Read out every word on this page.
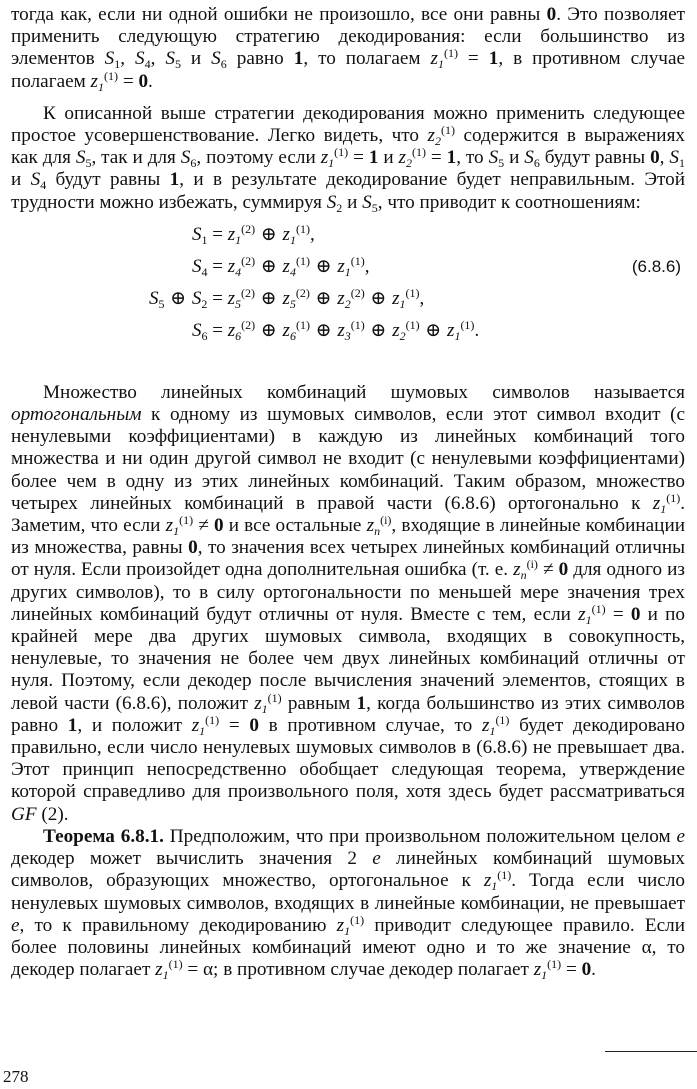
тогда как, если ни одной ошибки не произошло, все они равны 0. Это позволяет применить следующую стратегию декодирования: если большинство из элементов $S_1$, $S_4$, $S_5$ и $S_6$ равно 1, то полагаем $z_1^{(1)} = 1$, в противном случае полагаем $z_1^{(1)} = 0$.

К описанной выше стратегии декодирования можно применить следующее простое усовершенствование. Легко видеть, что $z_2^{(1)}$ содержится в выражениях как для $S_5$, так и для $S_6$, поэтому если $z_1^{(1)} = 1$ и $z_2^{(1)} = 1$, то $S_5$ и $S_6$ будут равны 0, $S_1$ и $S_4$ будут равны 1, и в результате декодирование будет неправильным. Этой трудности можно избежать, суммируя $S_2$ и $S_5$, что приводит к соотношениям:

$S_1 = z_1^{(2)}$ ⊕ $z_1^{(1)}$,
$S_4 = z_4^{(2)}$ ⊕ $z_4^{(1)}$ ⊕ $z_1^{(1)}$,
$S_5$ ⊕ $S_2 = z_5^{(2)}$ ⊕ $z_5^{(2)}$ ⊕ $z_2^{(2)}$ ⊕ $z_1^{(1)}$,
$S_6 = z_6^{(2)}$ ⊕ $z_6^{(1)}$ ⊕ $z_3^{(1)}$ ⊕ $z_2^{(1)}$ ⊕ $z_1^{(1)}$.
(6.8.6)

Множество линейных комбинаций шумовых символов называется ортогональным к одному из шумовых символов, если этот символ входит (с ненулевыми коэффициентами) в каждую из линейных комбинаций того множества и ни один другой символ не входит (с ненулевыми коэффициентами) более чем в одну из этих линейных комбинаций. Таким образом, множество четырех линейных комбинаций в правой части (6.8.6) ортогонально к $z_1^{(1)}$. Заметим, что если $z_1^{(1)} \ne 0$ и все остальные $z_n^{(i)}$, входящие в линейные комбинации из множества, равны 0, то значения всех четырех линейных комбинаций отличны от нуля. Если произойдет одна дополнительная ошибка (т. е. $z_n^{(i)} \ne 0$ для одного из других символов), то в силу ортогональности по меньшей мере значения трех линейных комбинаций будут отличны от нуля. Вместе с тем, если $z_1^{(1)} = 0$ и по крайней мере два других шумовых символа, входящих в совокупность, ненулевые, то значения не более чем двух линейных комбинаций отличны от нуля. Поэтому, если декодер после вычисления значений элементов, стоящих в левой части (6.8.6), положит $z_1^{(1)}$ равным 1, когда большинство из этих символов равно 1, и положит $z_1^{(1)} = 0$ в противном случае, то $z_1^{(1)}$ будет декодировано правильно, если число ненулевых шумовых символов в (6.8.6) не превышает два. Этот принцип непосредственно обобщает следующая теорема, утверждение которой справедливо для произвольного поля, хотя здесь будет рассматриваться GF (2).

Теорема 6.8.1. Предположим, что при произвольном положительном целом e декодер может вычислить значения 2 e линейных комбинаций шумовых символов, образующих множество, ортогональное к $z_1^{(1)}$. Тогда если число ненулевых шумовых символов, входящих в линейные комбинации, не превышает e, то к правильному декодированию $z_1^{(1)}$ приводит следующее правило. Если более половины линейных комбинаций имеют одно и то же значение α, то декодер полагает $z_1^{(1)} = \alpha$; в противном случае декодер полагает $z_1^{(1)} = 0$.

278
